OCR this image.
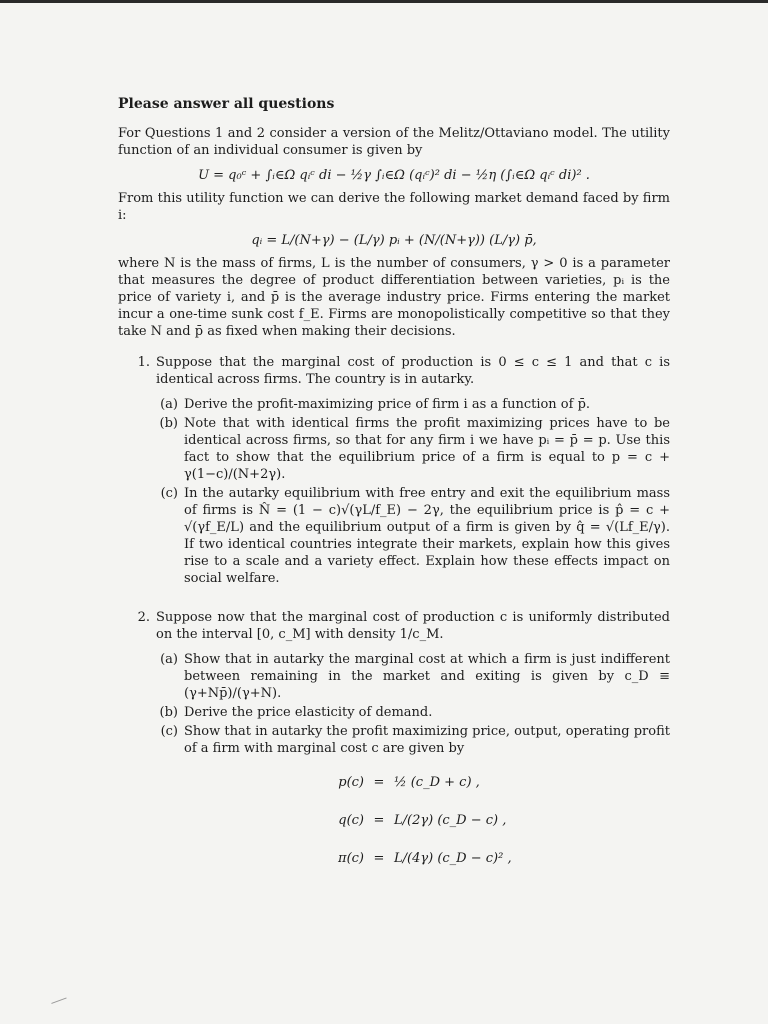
Please answer all questions

For Questions 1 and 2 consider a version of the Melitz/Ottaviano model. The utility function of an individual consumer is given by

U = q₀ᶜ + ∫ᵢ∈Ω qᵢᶜ di − ½γ ∫ᵢ∈Ω (qᵢᶜ)² di − ½η (∫ᵢ∈Ω qᵢᶜ di)² .

From this utility function we can derive the following market demand faced by firm i:

qᵢ = L/(N+γ) − (L/γ) pᵢ + (N/(N+γ)) (L/γ) p̄,

where N is the mass of firms, L is the number of consumers, γ > 0 is a parameter that measures the degree of product differentiation between varieties, pᵢ is the price of variety i, and p̄ is the average industry price. Firms entering the market incur a one-time sunk cost f_E. Firms are monopolistically competitive so that they take N and p̄ as fixed when making their decisions.

1. Suppose that the marginal cost of production is 0 ≤ c ≤ 1 and that c is identical across firms. The country is in autarky.
(a) Derive the profit-maximizing price of firm i as a function of p̄.
(b) Note that with identical firms the profit maximizing prices have to be identical across firms, so that for any firm i we have pᵢ = p̄ = p. Use this fact to show that the equilibrium price of a firm is equal to p = c + γ(1−c)/(N+2γ).
(c) In the autarky equilibrium with free entry and exit the equilibrium mass of firms is N̂ = (1 − c)√(γL/f_E) − 2γ, the equilibrium price is p̂ = c + √(γf_E/L) and the equilibrium output of a firm is given by q̂ = √(Lf_E/γ). If two identical countries integrate their markets, explain how this gives rise to a scale and a variety effect. Explain how these effects impact on social welfare.
2. Suppose now that the marginal cost of production c is uniformly distributed on the interval [0, c_M] with density 1/c_M.
(a) Show that in autarky the marginal cost at which a firm is just indifferent between remaining in the market and exiting is given by c_D ≡ (γ+Np̄)/(γ+N).
(b) Derive the price elasticity of demand.
(c) Show that in autarky the profit maximizing price, output, operating profit of a firm with marginal cost c are given by
p(c) = ½ (c_D + c) ,
q(c) = L/(2γ) (c_D − c) ,
π(c) = L/(4γ) (c_D − c)² ,
